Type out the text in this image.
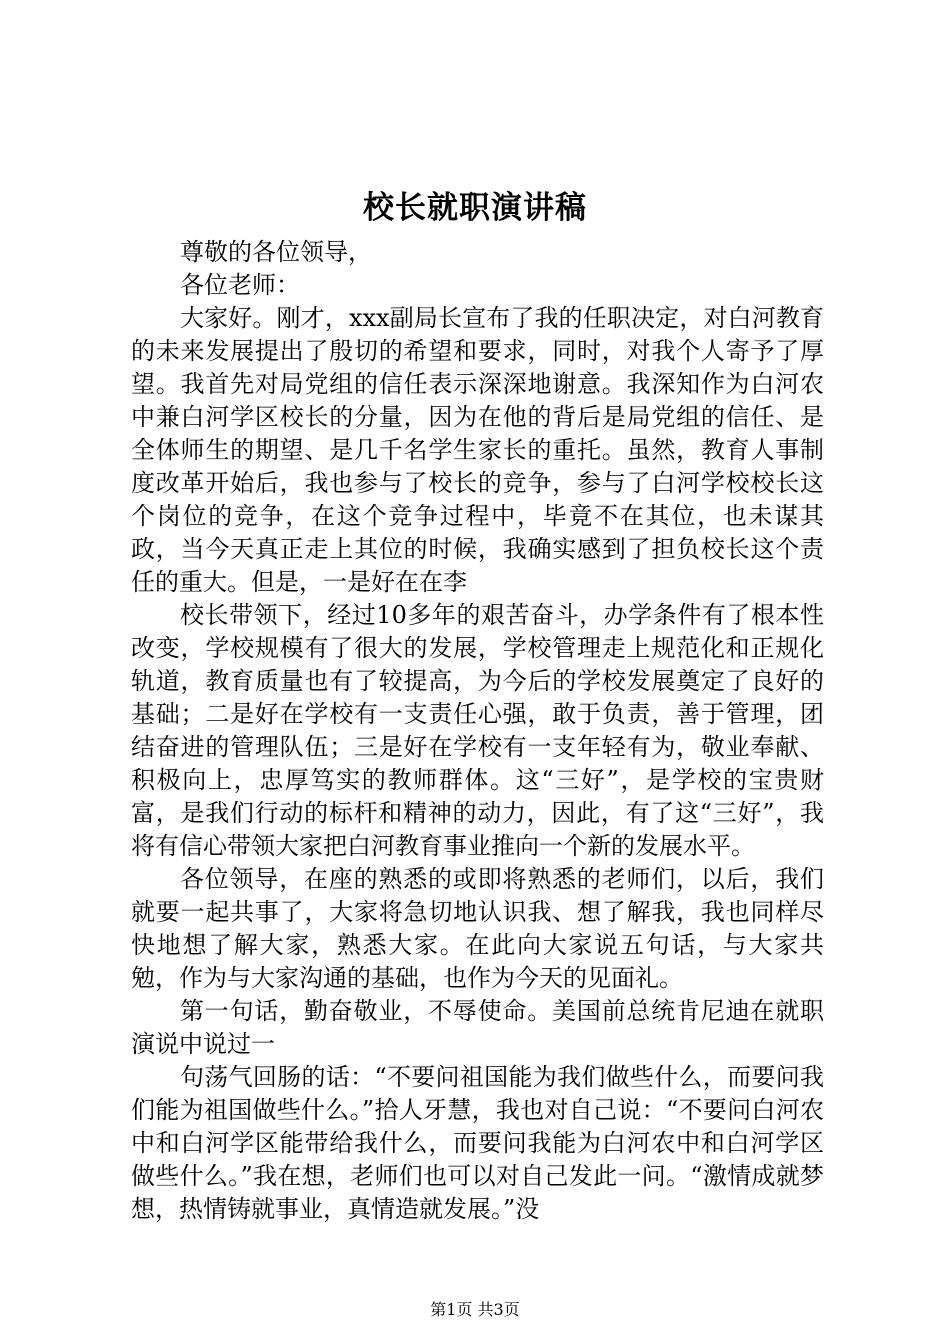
校长就职演讲稿

尊敬的各位领导，

各位老师：

大家好。刚才，xxx副局长宣布了我的任职决定，对白河教育的未来发展提出了殷切的希望和要求，同时，对我个人寄予了厚望。我首先对局党组的信任表示深深地谢意。我深知作为白河农中兼白河学区校长的分量，因为在他的背后是局党组的信任、是全体师生的期望、是几千名学生家长的重托。虽然，教育人事制度改革开始后，我也参与了校长的竞争，参与了白河学校校长这个岗位的竞争，在这个竞争过程中，毕竟不在其位，也未谋其政，当今天真正走上其位的时候，我确实感到了担负校长这个责任的重大。但是，一是好在在李

校长带领下，经过10多年的艰苦奋斗，办学条件有了根本性改变，学校规模有了很大的发展，学校管理走上规范化和正规化轨道，教育质量也有了较提高，为今后的学校发展奠定了良好的基础；二是好在学校有一支责任心强，敢于负责，善于管理，团结奋进的管理队伍；三是好在学校有一支年轻有为，敬业奉献、积极向上，忠厚笃实的教师群体。这“三好”，是学校的宝贵财富，是我们行动的标杆和精神的动力，因此，有了这“三好”，我将有信心带领大家把白河教育事业推向一个新的发展水平。

各位领导，在座的熟悉的或即将熟悉的老师们，以后，我们就要一起共事了，大家将急切地认识我、想了解我，我也同样尽快地想了解大家，熟悉大家。在此向大家说五句话，与大家共勉，作为与大家沟通的基础，也作为今天的见面礼。

第一句话，勤奋敬业，不辱使命。美国前总统肯尼迪在就职演说中说过一

句荡气回肠的话：“不要问祖国能为我们做些什么，而要问我们能为祖国做些什么。”拾人牙慧，我也对自己说：“不要问白河农中和白河学区能带给我什么，而要问我能为白河农中和白河学区做些什么。”我在想，老师们也可以对自己发此一问。“激情成就梦想，热情铸就事业，真情造就发展。”没

第1页 共3页
